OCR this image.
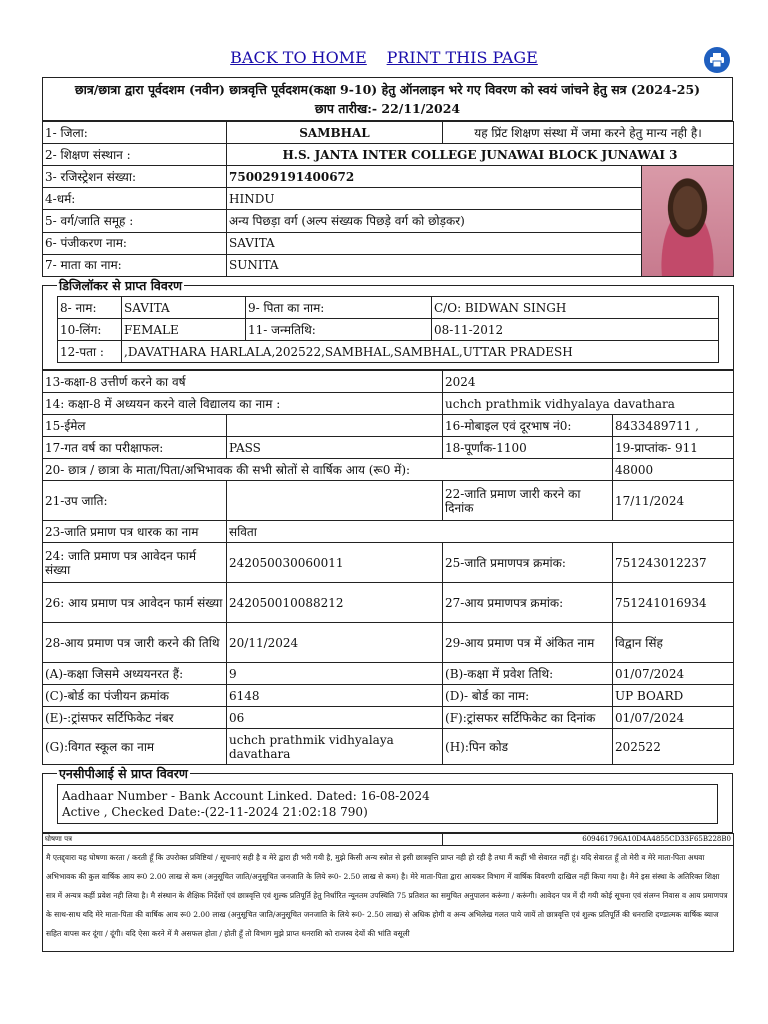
BACK TO HOME PRINT THIS PAGE
छात्र/छात्रा द्वारा पूर्वदशम (नवीन) छात्रवृत्ति पूर्वदशम(कक्षा 9-10) हेतु ऑनलाइन भरे गए विवरण को स्वयं जांचने हेतु सत्र (2024-25)
छाप तारीख:- 22/11/2024
1- जिला:	SAMBHAL	यह प्रिंट शिक्षण संस्था में जमा करने हेतु मान्य नही है।	
2- शिक्षण संस्थान :	H.S. JANTA INTER COLLEGE JUNAWAI BLOCK JUNAWAI 3		
3- रजिस्ट्रेशन संख्या:	750029191400672		

4-धर्म:	HINDU		
5- वर्ग/जाति समूह :	अन्य पिछड़ा वर्ग (अल्प संख्यक पिछड़े वर्ग को छोड़कर)		
6- पंजीकरण नाम:	SAVITA		
7- माता का नाम:	SUNITA		
डिजिलॉकर से प्राप्त विवरण
8- नाम:	SAVITA	9- पिता का नाम:	C/O: BIDWAN SINGH
10-लिंग:	FEMALE	11- जन्मतिथि:	08-11-2012
12-पता :	,DAVATHARA HARLALA,202522,SAMBHAL,SAMBHAL,UTTAR PRADESH		
13-कक्षा-8 उत्तीर्ण करने का वर्ष		2024	
14: कक्षा-8 में अध्ययन करने वाले विद्यालय का नाम :		uchch prathmik vidhyalaya davathara	
15-ईमेल		16-मोबाइल एवं दूरभाष नं0:	8433489711 ,
17-गत वर्ष का परीक्षाफल:	PASS	18-पूर्णांक-1100	19-प्राप्तांक- 911
20- छात्र / छात्रा के माता/पिता/अभिभावक की सभी स्रोतों से वार्षिक आय (रू0 में):			48000
21-उप जाति:		22-जाति प्रमाण जारी करने का दिनांक	17/11/2024
23-जाति प्रमाण पत्र धारक का नाम	सविता		
24: जाति प्रमाण पत्र आवेदन फार्म संख्या	242050030060011	25-जाति प्रमाणपत्र क्रमांक:	751243012237
26: आय प्रमाण पत्र आवेदन फार्म संख्या	242050010088212	27-आय प्रमाणपत्र क्रमांक:	751241016934
28-आय प्रमाण पत्र जारी करने की तिथि	20/11/2024	29-आय प्रमाण पत्र में अंकित नाम	विद्वान सिंह
(A)-कक्षा जिसमे अध्ययनरत हैं:	9	(B)-कक्षा में प्रवेश तिथि:	01/07/2024
(C)-बोर्ड का पंजीयन क्रमांक	6148	(D)- बोर्ड का नाम:	UP BOARD
(E)-:ट्रांसफर सर्टिफिकेट नंबर	06	(F):ट्रांसफर सर्टिफिकेट का दिनांक	01/07/2024
(G):विगत स्कूल का नाम	uchch prathmik vidhyalaya davathara	(H):पिन कोड	202522
एनसीपीआई से प्राप्त विवरण
Aadhaar Number - Bank Account Linked. Dated: 16-08-2024
Active , Checked Date:-(22-11-2024 21:02:18 790)
घोषणा पत्र	609461796A10D4A4855CD33F65B228B0
मै एतद्द्वारा यह घोषणा करता / करती हूँ कि उपरोक्त प्रविष्टियां / सूचनाएं सही है व मेरे द्वारा ही भरी गयी है, मुझे किसी अन्य स्त्रोत से इसी छात्रवृत्ति प्राप्त नही हो रही है तथा मैं कहीं भी सेवारत नहीं हूं। यदि सेवारत हूँ तो मेरी व मेरे माता-पिता अथवा अभिभावक की कुल वार्षिक आय रू0 2.00 लाख से कम (अनुसूचित जाति/अनुसूचित जनजाति के लिये रू0- 2.50 लाख से कम) है। मेरे माता-पिता द्वारा आयकर विभाग में वार्षिक विवरणी दाखिल नहीं किया गया है। मैने इस संस्था के अतिरिक्त शिक्षा सत्र में अन्यत्र कहीं प्रवेश नही लिया है। मै संस्थान के शैक्षिक निर्देशों एवं छात्रवृत्ति एवं शुल्क प्रतिपूर्ति हेतु निर्धारित न्यूनतम उपस्थिति 75 प्रतिशत का समुचित अनुपालन करूंगा / करूंगी। आवेदन पत्र में दी गयी कोई सूचना एवं संलग्न निवास व आय प्रमाणपत्र के साथ-साथ यदि मेरे माता-पिता की वार्षिक आय रू0 2.00 लाख (अनुसूचित जाति/अनुसूचित जनजाति के लिये रू0- 2.50 लाख) से अधिक होगी व अन्य अभिलेख गलत पाये जायें तो छात्रवृत्ति एवं शुल्क प्रतिपूर्ति की धनराशि दण्डात्मक वार्षिक ब्याज सहित वापस कर दूंगा / दूंगी। यदि ऐसा करने में मै असफल होता / होती हूँ तो विभाग मुझे प्राप्त धनराशि को राजस्व देयों की भांति वसूली
